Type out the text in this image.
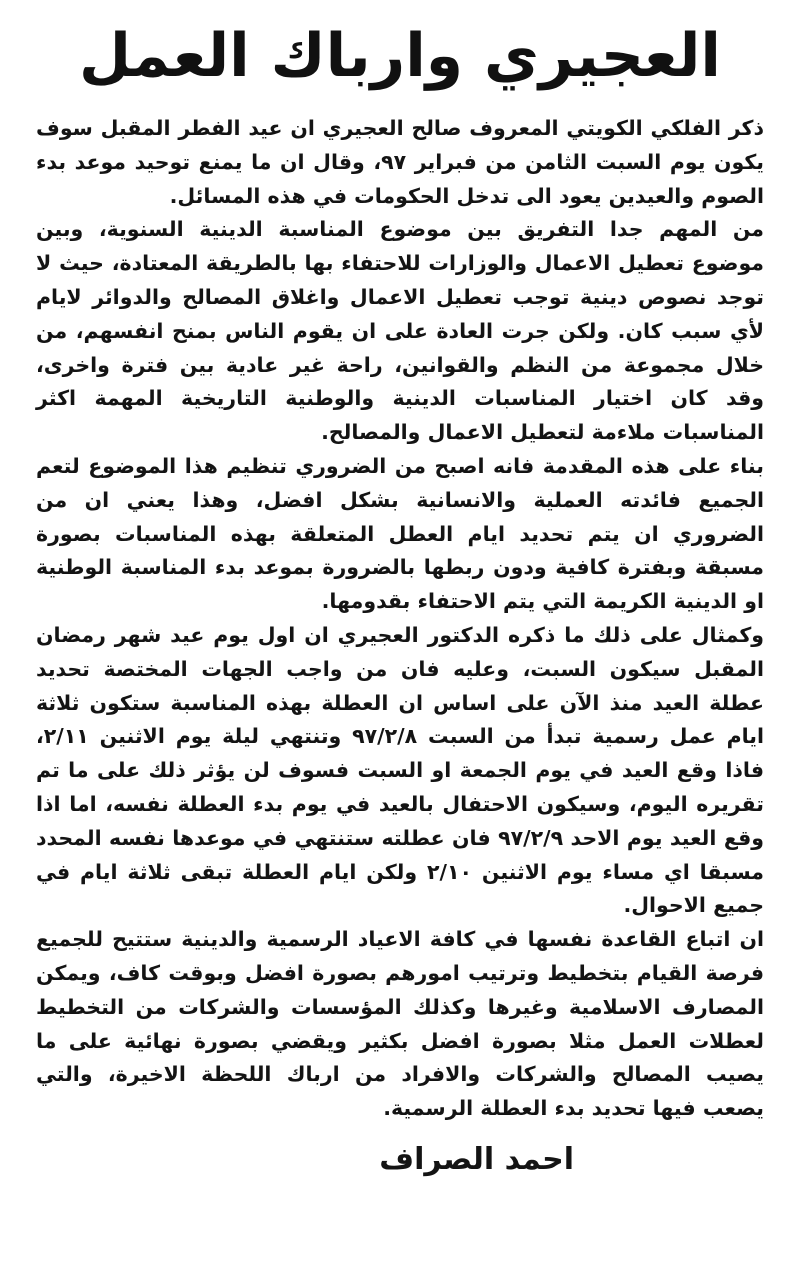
العجيري وارباك العمل

ذكر الفلكي الكويتي المعروف صالح العجيري ان عيد الفطر المقبل سوف يكون يوم السبت الثامن من فبراير ٩٧، وقال ان ما يمنع توحيد موعد بدء الصوم والعيدين يعود الى تدخل الحكومات في هذه المسائل.

من المهم جدا التفريق بين موضوع المناسبة الدينية السنوية، وبين موضوع تعطيل الاعمال والوزارات للاحتفاء بها بالطريقة المعتادة، حيث لا توجد نصوص دينية توجب تعطيل الاعمال واغلاق المصالح والدوائر لايام لأي سبب كان. ولكن جرت العادة على ان يقوم الناس بمنح انفسهم، من خلال مجموعة من النظم والقوانين، راحة غير عادية بين فترة واخرى، وقد كان اختيار المناسبات الدينية والوطنية التاريخية المهمة اكثر المناسبات ملاءمة لتعطيل الاعمال والمصالح.

بناء على هذه المقدمة فانه اصبح من الضروري تنظيم هذا الموضوع لتعم الجميع فائدته العملية والانسانية بشكل افضل، وهذا يعني ان من الضروري ان يتم تحديد ايام العطل المتعلقة بهذه المناسبات بصورة مسبقة وبفترة كافية ودون ربطها بالضرورة بموعد بدء المناسبة الوطنية او الدينية الكريمة التي يتم الاحتفاء بقدومها.

وكمثال على ذلك ما ذكره الدكتور العجيري ان اول يوم عيد شهر رمضان المقبل سيكون السبت، وعليه فان من واجب الجهات المختصة تحديد عطلة العيد منذ الآن على اساس ان العطلة بهذه المناسبة ستكون ثلاثة ايام عمل رسمية تبدأ من السبت ٩٧/٢/٨ وتنتهي ليلة يوم الاثنين ٢/١١، فاذا وقع العيد في يوم الجمعة او السبت فسوف لن يؤثر ذلك على ما تم تقريره اليوم، وسيكون الاحتفال بالعيد في يوم بدء العطلة نفسه، اما اذا وقع العيد يوم الاحد ٩٧/٢/٩ فان عطلته ستنتهي في موعدها نفسه المحدد مسبقا اي مساء يوم الاثنين ٢/١٠ ولكن ايام العطلة تبقى ثلاثة ايام في جميع الاحوال.

ان اتباع القاعدة نفسها في كافة الاعياد الرسمية والدينية ستتيح للجميع فرصة القيام بتخطيط وترتيب امورهم بصورة افضل وبوقت كاف، ويمكن المصارف الاسلامية وغيرها وكذلك المؤسسات والشركات من التخطيط لعطلات العمل مثلا بصورة افضل بكثير ويقضي بصورة نهائية على ما يصيب المصالح والشركات والافراد من ارباك اللحظة الاخيرة، والتي يصعب فيها تحديد بدء العطلة الرسمية.

احمد الصراف
